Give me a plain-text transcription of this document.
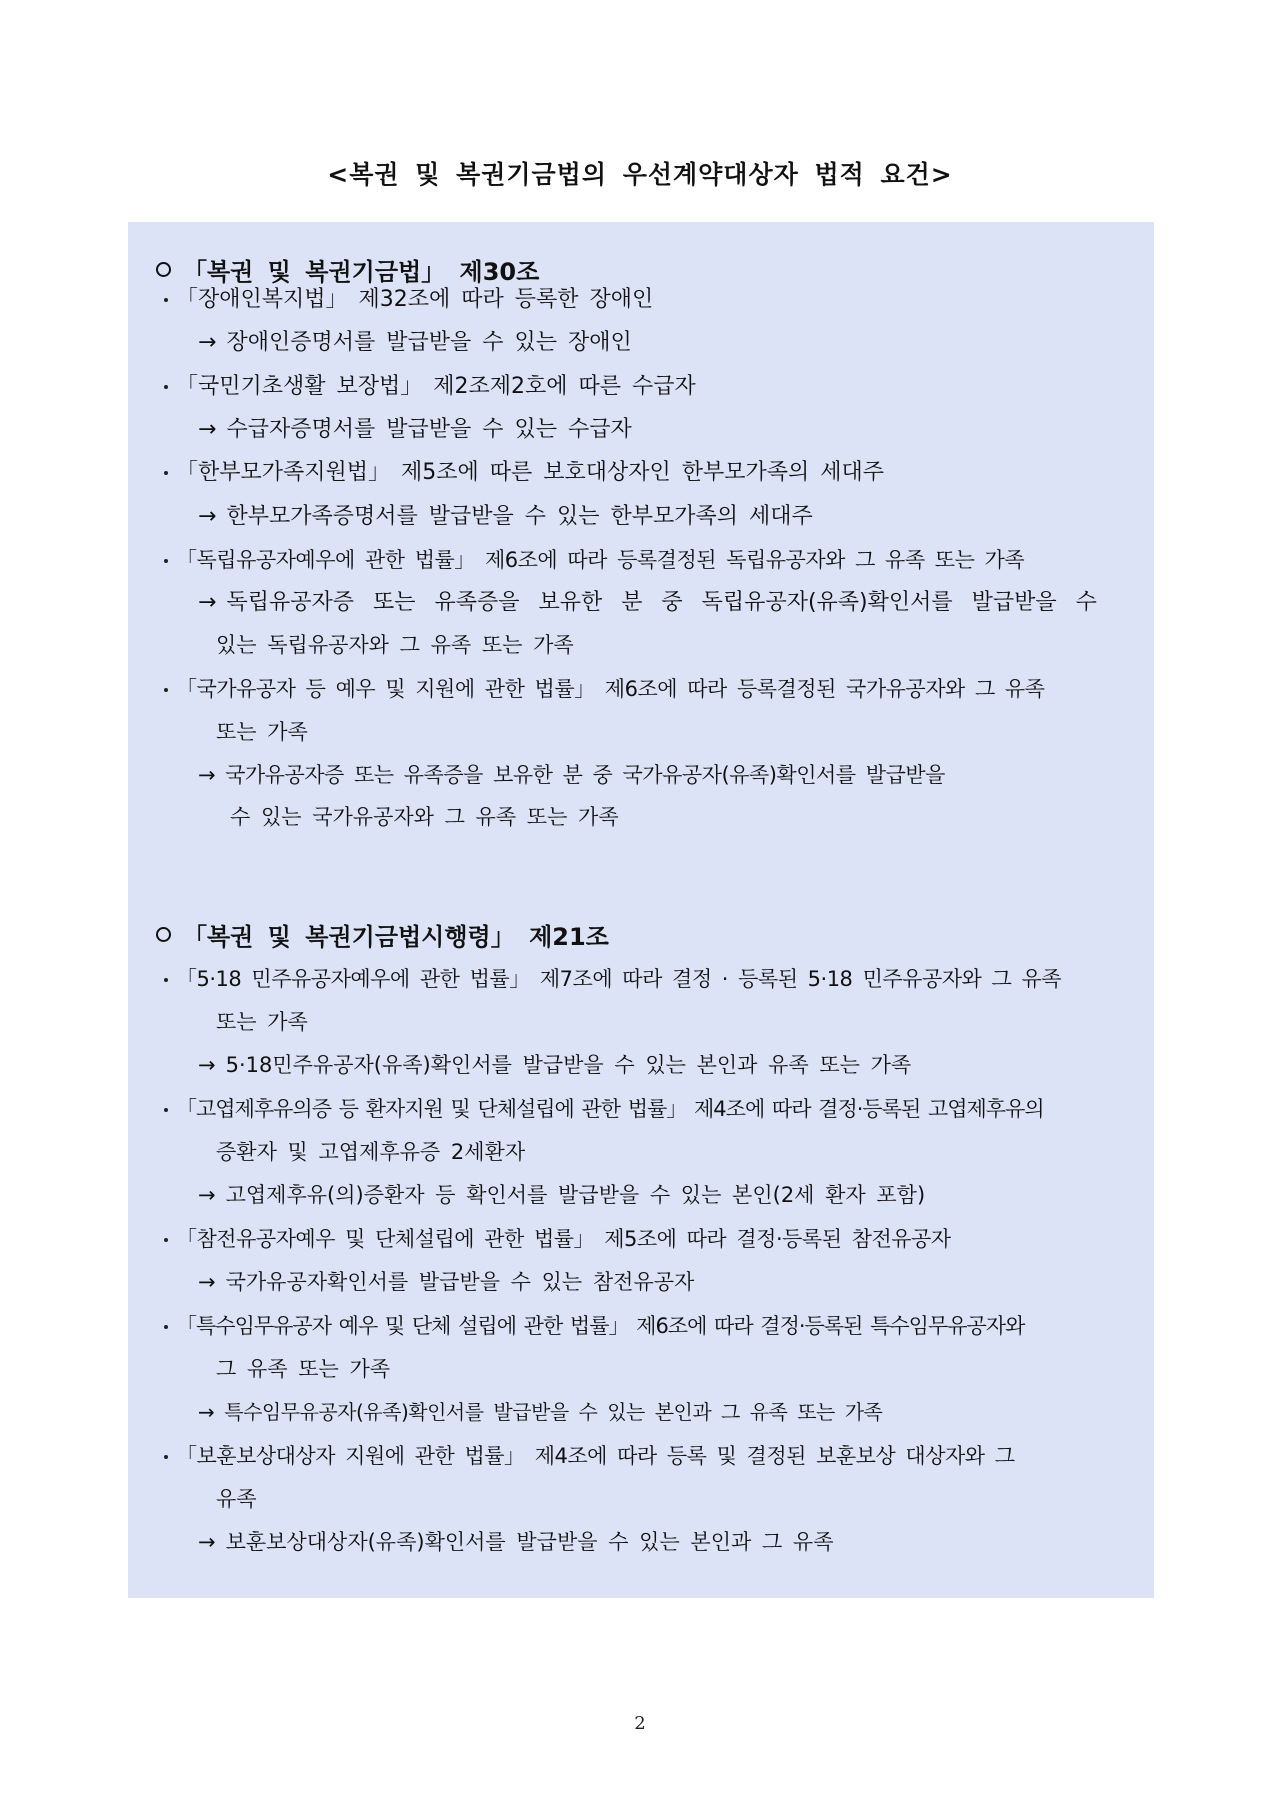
<복권 및 복권기금법의 우선계약대상자 법적 요건>
「복권 및 복권기금법」 제30조
「장애인복지법」 제32조에 따라 등록한 장애인
→ 장애인증명서를 발급받을 수 있는 장애인
「국민기초생활 보장법」 제2조제2호에 따른 수급자
→ 수급자증명서를 발급받을 수 있는 수급자
「한부모가족지원법」 제5조에 따른 보호대상자인 한부모가족의 세대주
→ 한부모가족증명서를 발급받을 수 있는 한부모가족의 세대주
「독립유공자예우에 관한 법률」 제6조에 따라 등록결정된 독립유공자와 그 유족 또는 가족
→ 독립유공자증 또는 유족증을 보유한 분 중 독립유공자(유족)확인서를 발급받을 수
있는 독립유공자와 그 유족 또는 가족
「국가유공자 등 예우 및 지원에 관한 법률」 제6조에 따라 등록결정된 국가유공자와 그 유족
또는 가족
→ 국가유공자증 또는 유족증을 보유한 분 중 국가유공자(유족)확인서를 발급받을
수 있는 국가유공자와 그 유족 또는 가족
「복권 및 복권기금법시행령」 제21조
「5·18 민주유공자예우에 관한 법률」 제7조에 따라 결정 · 등록된 5·18 민주유공자와 그 유족
또는 가족
→ 5·18민주유공자(유족)확인서를 발급받을 수 있는 본인과 유족 또는 가족
「고엽제후유의증 등 환자지원 및 단체설립에 관한 법률」 제4조에 따라 결정·등록된 고엽제후유의
증환자 및 고엽제후유증 2세환자
→ 고엽제후유(의)증환자 등 확인서를 발급받을 수 있는 본인(2세 환자 포함)
「참전유공자예우 및 단체설립에 관한 법률」 제5조에 따라 결정·등록된 참전유공자
→ 국가유공자확인서를 발급받을 수 있는 참전유공자
「특수임무유공자 예우 및 단체 설립에 관한 법률」 제6조에 따라 결정·등록된 특수임무유공자와
그 유족 또는 가족
→ 특수임무유공자(유족)확인서를 발급받을 수 있는 본인과 그 유족 또는 가족
「보훈보상대상자 지원에 관한 법률」 제4조에 따라 등록 및 결정된 보훈보상 대상자와 그
유족
→ 보훈보상대상자(유족)확인서를 발급받을 수 있는 본인과 그 유족
2
